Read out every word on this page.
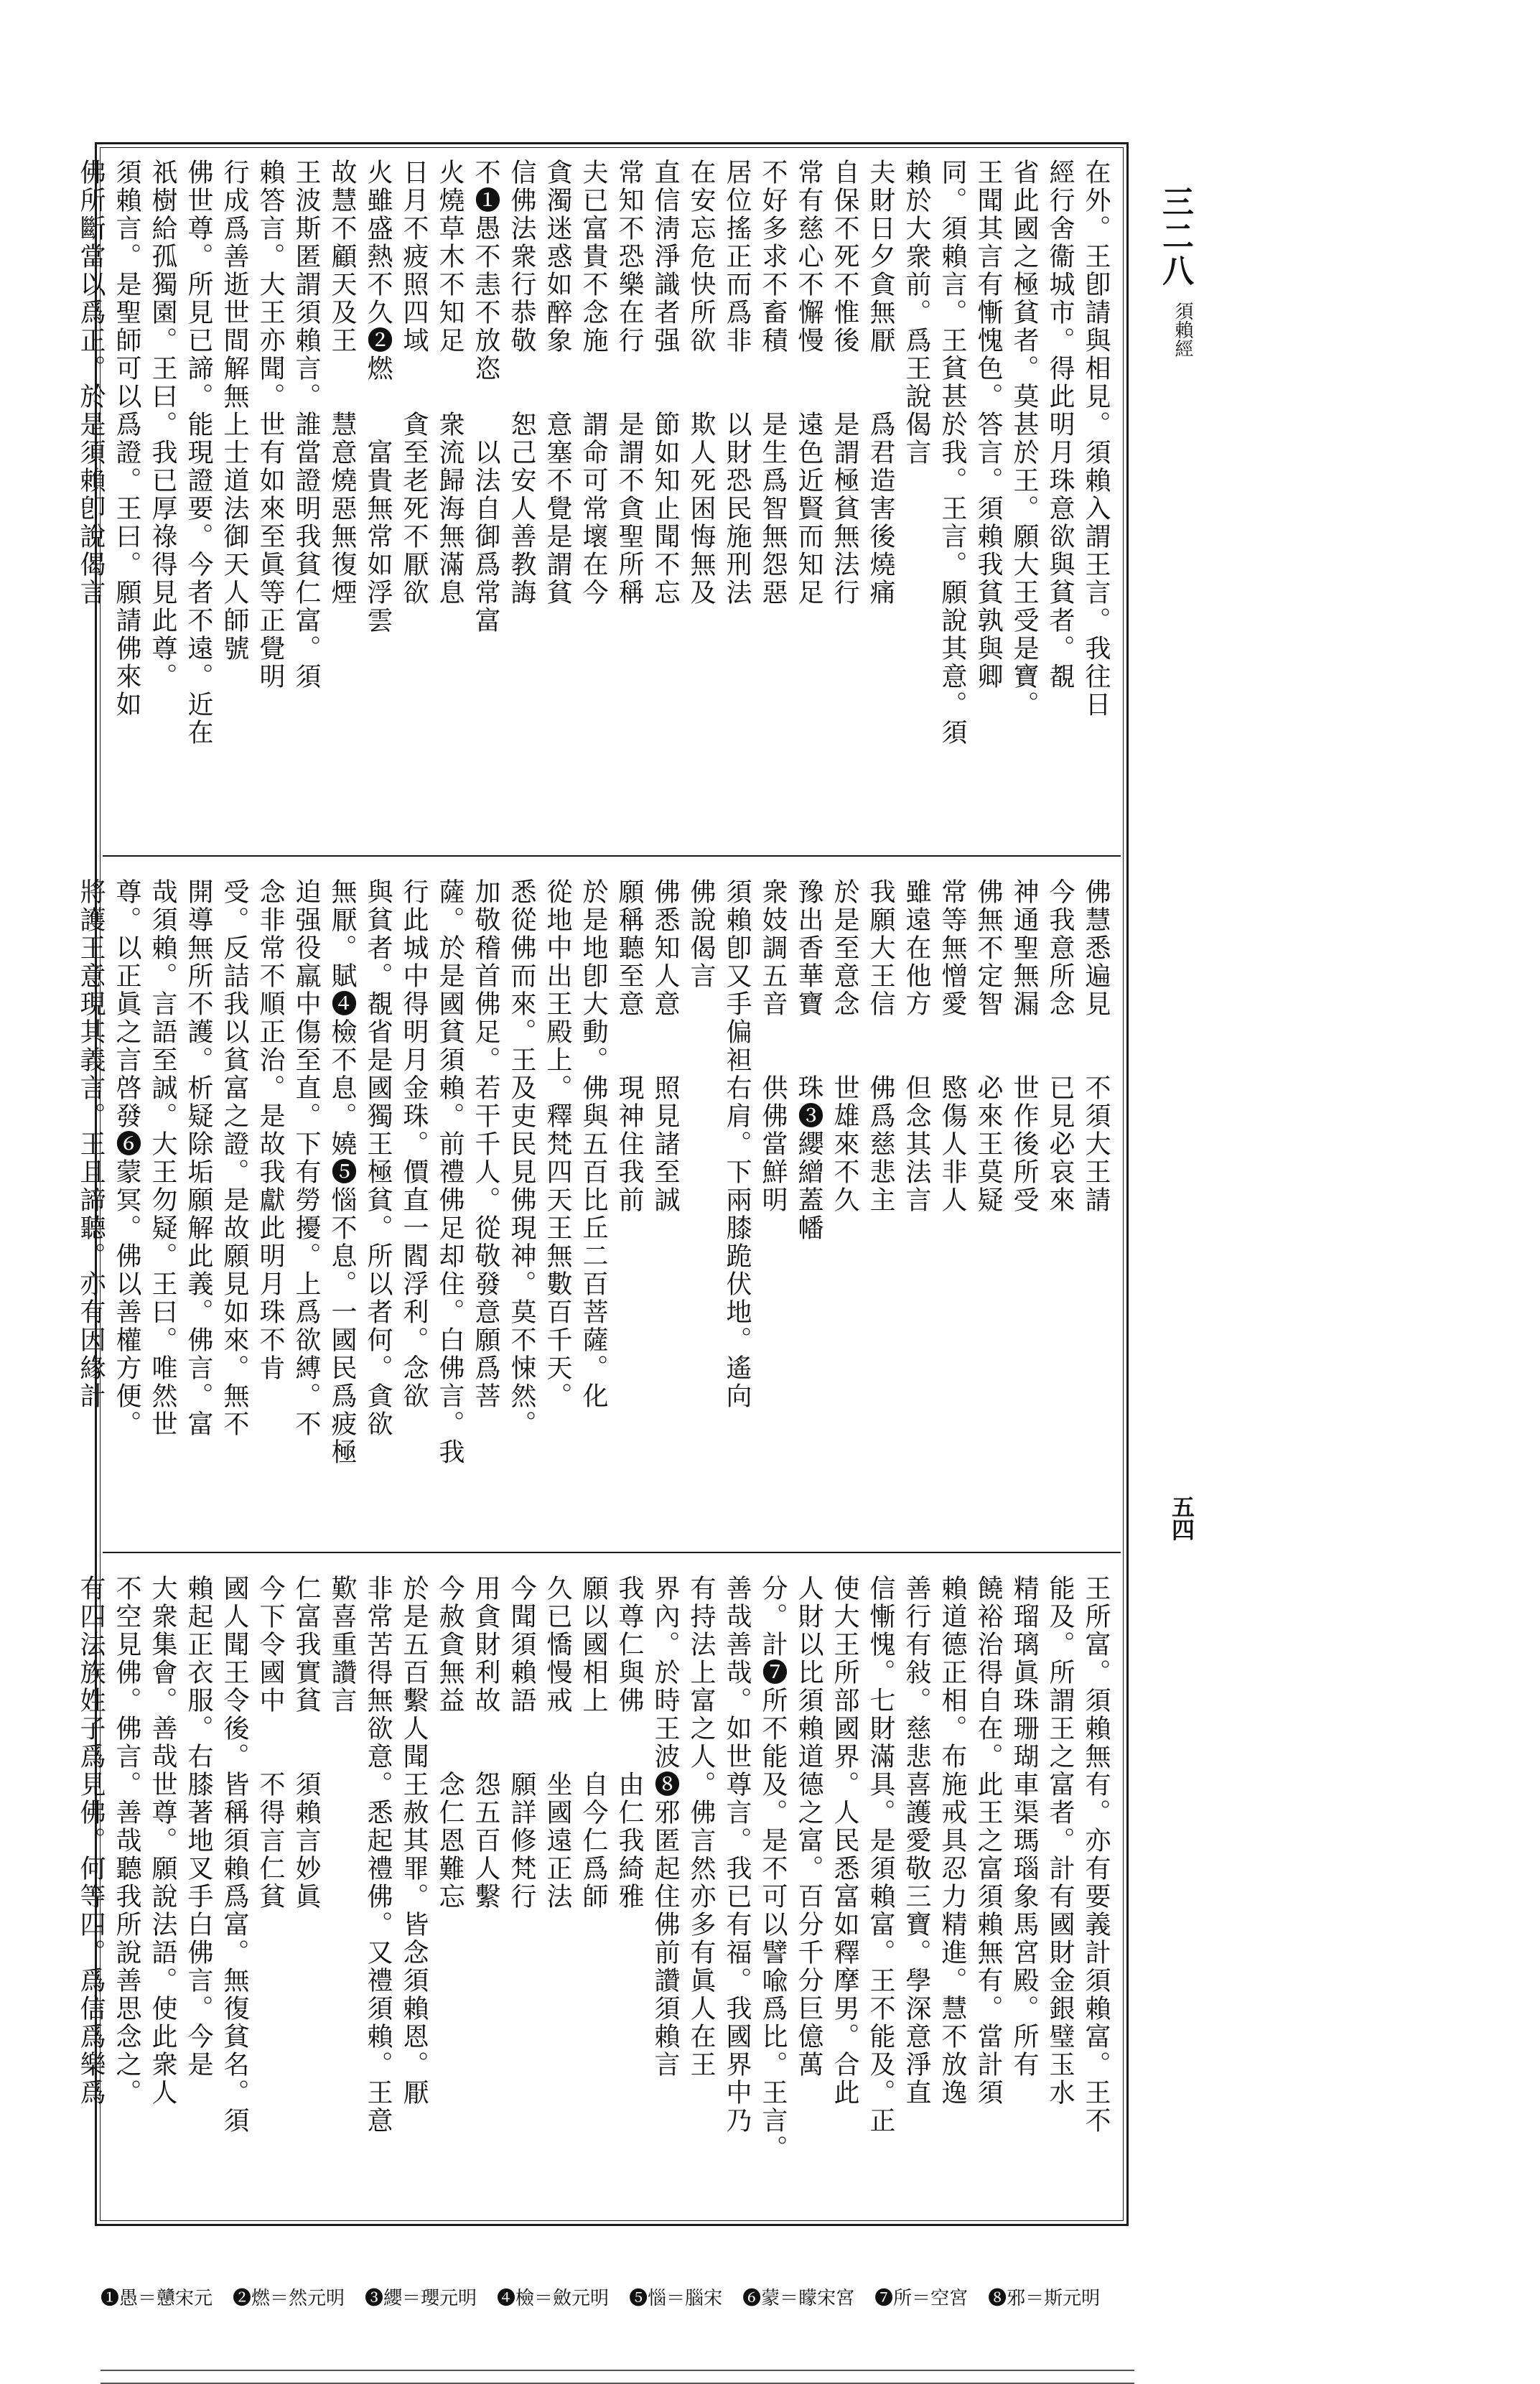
三二八
須賴經
五四
在外。王卽請與相見。須賴入謂王言。我往日
經行舍衞城市。得此明月珠意欲與貧者。覩
省此國之極貧者。莫甚於王。願大王受是寶。
王聞其言有慚愧色。答言。須賴我貧孰與卿
同。須賴言。王貧甚於我。王言。願說其意。須
賴於大衆前。爲王說偈言
夫財日夕貪無厭　　爲君造害後燒痛
自保不死不惟後　　是謂極貧無法行
常有慈心不懈慢　　遠色近賢而知足
不好多求不畜積　　是生爲智無怨惡
居位搖正而爲非　　以財恐民施刑法
在安忘危快所欲　　欺人死困悔無及
直信淸淨識者强　　節如知止聞不忘
常知不恐樂在行　　是謂不貪聖所稱
夫已富貴不念施　　謂命可常壞在今
貪濁迷惑如醉象　　意塞不覺是謂貧
信佛法衆行恭敬　　恕己安人善教誨
不❶愚不恚不放恣　　以法自御爲常富
火燒草木不知足　　衆流歸海無滿息
日月不疲照四域　　貪至老死不厭欲
火雖盛熱不久❷燃　　富貴無常如浮雲
故慧不顧天及王　　慧意燒惡無復煙
王波斯匿謂須賴言。誰當證明我貧仁富。須
賴答言。大王亦聞。世有如來至眞等正覺明
行成爲善逝世間解無上士道法御天人師號
佛世尊。所見已諦。能現證要。今者不遠。近在
祇樹給孤獨園。王曰。我已厚祿得見此尊。
須賴言。是聖師可以爲證。王曰。願請佛來如
佛所斷當以爲正。於是須賴卽說偈言
佛慧悉遍見　　不須大王請
今我意所念　　已見必哀來
神通聖無漏　　世作後所受
佛無不定智　　必來王莫疑
常等無憎愛　　愍傷人非人
雖遠在他方　　但念其法言
我願大王信　　佛爲慈悲主
於是至意念　　世雄來不久
豫出香華寶　　珠❸纓繒蓋幡
衆妓調五音　　供佛當鮮明
須賴卽又手偏袒右肩。下兩膝跪伏地。遙向
佛說偈言
佛悉知人意　　照見諸至誠
願稱聽至意　　現神住我前
於是地卽大動。佛與五百比丘二百菩薩。化
從地中出王殿上。釋梵四天王無數百千天。
悉從佛而來。王及吏民見佛現神。莫不悚然。
加敬稽首佛足。若干千人。從敬發意願爲菩
薩。於是國貧須賴。前禮佛足却住。白佛言。我
行此城中得明月金珠。價直一閻浮利。念欲
與貧者。覩省是國獨王極貧。所以者何。貪欲
無厭。賦❹檢不息。嬈❺惱不息。一國民爲疲極
迫强役羸中傷至直。下有勞擾。上爲欲縛。不
念非常不順正治。是故我獻此明月珠不肯
受。反詰我以貧富之證。是故願見如來。無不
開導無所不護。析疑除垢願解此義。佛言。富
哉須賴。言語至誠。大王勿疑。王曰。唯然世
尊。以正眞之言啓發❻蒙冥。佛以善權方便。
將護王意現其義言。王且諦聽。亦有因緣計
王所富。須賴無有。亦有要義計須賴富。王不
能及。所謂王之富者。計有國財金銀璧玉水
精瑠璃眞珠珊瑚車渠瑪瑙象馬宮殿。所有
饒裕治得自在。此王之富須賴無有。當計須
賴道德正相。布施戒具忍力精進。慧不放逸
善行有敍。慈悲喜護愛敬三寶。學深意淨直
信慚愧。七財滿具。是須賴富。王不能及。正
使大王所部國界。人民悉富如釋摩男。合此
人財以比須賴道德之富。百分千分巨億萬
分。計❼所不能及。是不可以譬喩爲比。王言。
善哉善哉。如世尊言。我已有福。我國界中乃
有持法上富之人。佛言然亦多有眞人在王
界內。於時王波❽邪匿起住佛前讚須賴言
我尊仁與佛　　由仁我綺雅
願以國相上　　自今仁爲師
久已憍慢戒　　坐國遠正法
今聞須賴語　　願詳修梵行
用貪財利故　　怨五百人繫
今赦貪無益　　念仁恩難忘
於是五百繫人聞王赦其罪。皆念須賴恩。厭
非常苦得無欲意。悉起禮佛。又禮須賴。王意
歎喜重讚言
仁富我實貧　　須賴言妙眞
今下令國中　　不得言仁貧
國人聞王令後。皆稱須賴爲富。無復貧名。須
賴起正衣服。右膝著地叉手白佛言。今是
大衆集會。善哉世尊。願說法語。使此衆人
不空見佛。佛言。善哉聽我所說善思念之。
有四法族姓子爲見佛。何等四。爲信爲樂爲
❶愚＝戇宋元 ❷燃＝然元明 ❸纓＝瓔元明 ❹檢＝斂元明 ❺惱＝腦宋 ❻蒙＝矇宋宮 ❼所＝空宮 ❽邪＝斯元明
